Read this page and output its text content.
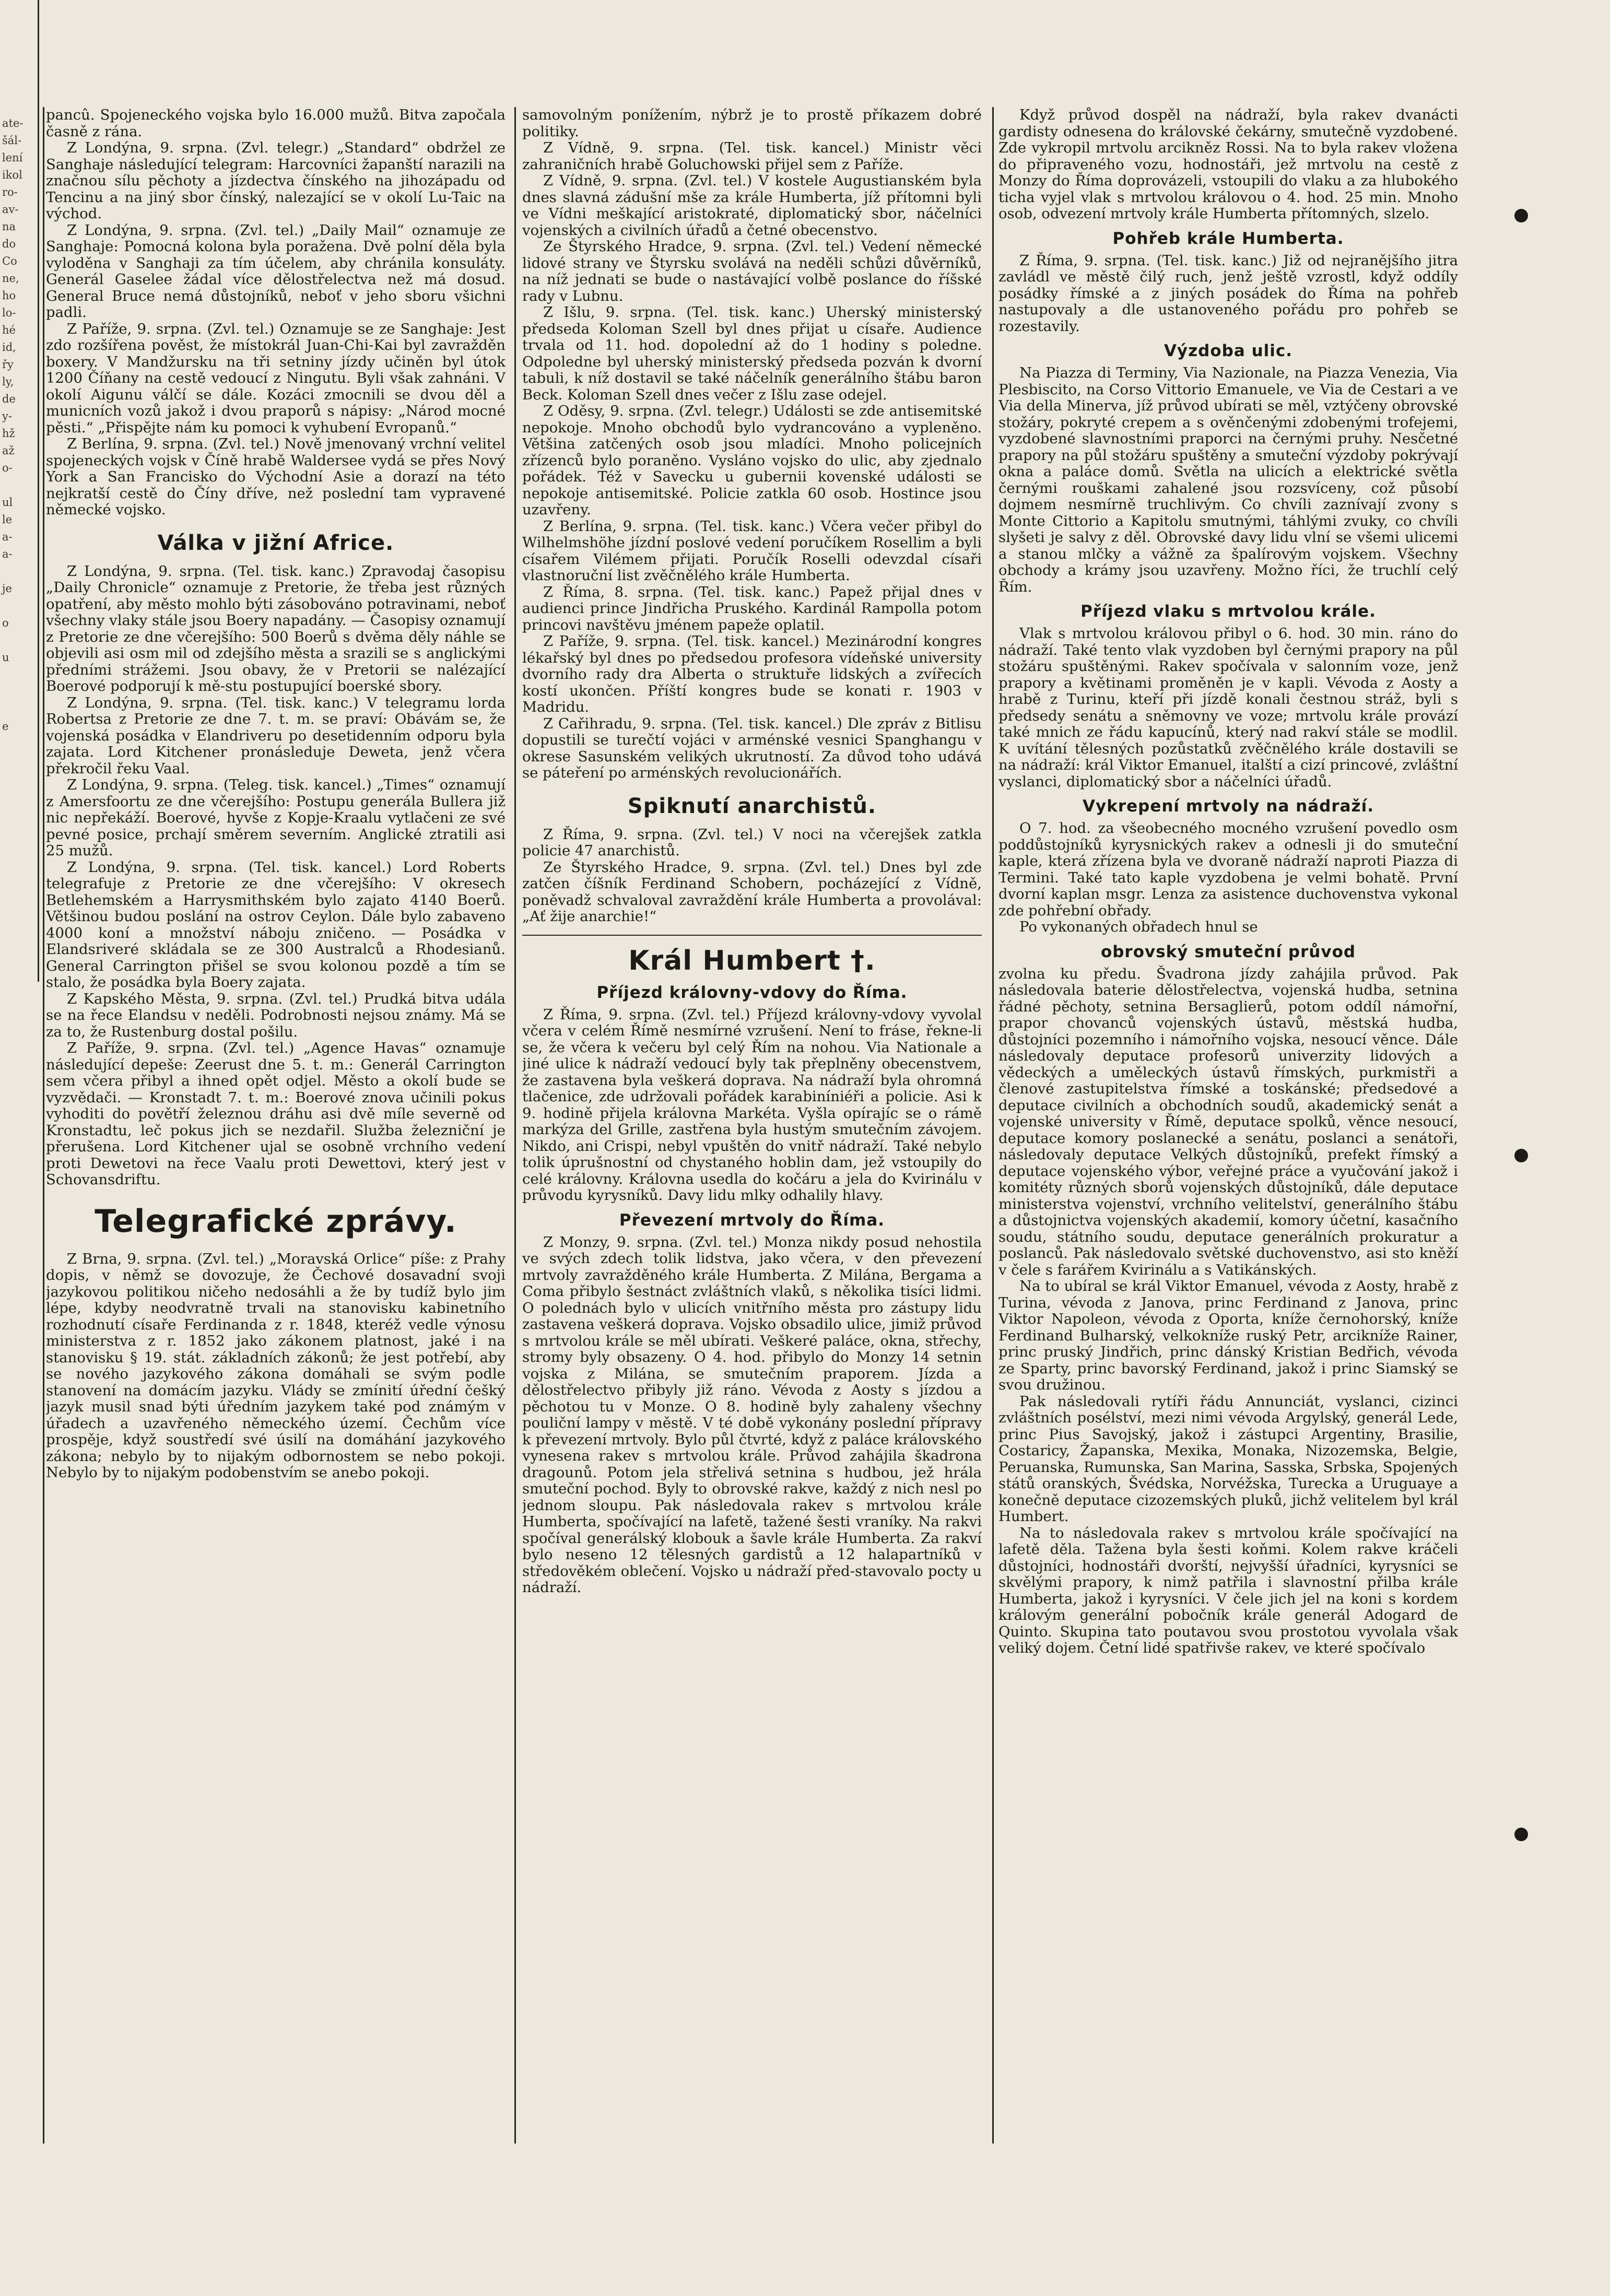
ate-
šál-
lení
ikol
ro-
av-
na
do
Co
ne,
ho
lo-
hé
id,
řy
ly,
de
y-
hž
až
o-

ul
le
a-
a-

je

o

u

e

pancû. Spojeneckého vojska bylo 16.000 mužů. Bitva započala časně z rána.

Z Londýna, 9. srpna. (Zvl. telegr.) „Standard“ obdržel ze Sanghaje následující telegram: Harcovníci žapanští narazili na značnou sílu pěchoty a jízdectva čínského na jihozápadu od Tencinu a na jiný sbor čínský, nalezající se v okolí Lu-Taic na východ.

Z Londýna, 9. srpna. (Zvl. tel.) „Daily Mail“ oznamuje ze Sanghaje: Pomocná kolona byla poražena. Dvě polní děla byla vyloděna v Sanghaji za tím účelem, aby chránila konsuláty. Generál Gaselee žádal více dělostřelectva než má dosud. General Bruce nemá důstojníků, neboť v jeho sboru všichni padli.

Z Paříže, 9. srpna. (Zvl. tel.) Oznamuje se ze Sanghaje: Jest zdo rozšířena pověst, že místokrál Juan-Chi-Kai byl zavražděn boxery. V Mandžursku na tři setniny jízdy učiněn byl útok 1200 Číňany na cestě vedoucí z Ningutu. Byli však zahnáni. V okolí Aigunu válčí se dále. Kozáci zmocnili se dvou děl a municních vozů jakož i dvou praporů s nápisy: „Národ mocné pěsti.“ „Přispějte nám ku pomoci k vyhubení Evropanů.“

Z Berlína, 9. srpna. (Zvl. tel.) Nově jmenovaný vrchní velitel spojeneckých vojsk v Číně hrabě Waldersee vydá se přes Nový York a San Francisko do Východní Asie a dorazí na této nejkratší cestě do Číny dříve, než poslední tam vypravené německé vojsko.

Válka v jižní Africe.

Z Londýna, 9. srpna. (Tel. tisk. kanc.) Zpravodaj časopisu „Daily Chronicle“ oznamuje z Pretorie, že třeba jest různých opatření, aby město mohlo býti zásobováno potravinami, neboť všechny vlaky stále jsou Boery napadány. — Časopisy oznamují z Pretorie ze dne včerejšího: 500 Boerů s dvěma děly náhle se objevili asi osm mil od zdejšího města a srazili se s anglickými předními strážemi. Jsou obavy, že v Pretorii se nalézající Boerové podporují k mě-stu postupující boerské sbory.

Z Londýna, 9. srpna. (Tel. tisk. kanc.) V telegramu lorda Robertsa z Pretorie ze dne 7. t. m. se praví: Obávám se, že vojenská posádka v Elandriveru po desetidenním odporu byla zajata. Lord Kitchener pronásleduje Deweta, jenž včera překročil řeku Vaal.

Z Londýna, 9. srpna. (Teleg. tisk. kancel.) „Times“ oznamují z Amersfoortu ze dne včerejšího: Postupu generála Bullera již nic nepřekáží. Boerové, hyvše z Kopje-Kraalu vytlačeni ze své pevné posice, prchají směrem severním. Anglické ztratili asi 25 mužů.

Z Londýna, 9. srpna. (Tel. tisk. kancel.) Lord Roberts telegrafuje z Pretorie ze dne včerejšího: V okresech Betlehemském a Harrysmithském bylo zajato 4140 Boerů. Většinou budou poslání na ostrov Ceylon. Dále bylo zabaveno 4000 koní a množství náboju zničeno. — Posádka v Elandsriveré skládala se ze 300 Australců a Rhodesianů. General Carrington přišel se svou kolonou pozdě a tím se stalo, že posádka byla Boery zajata.

Z Kapského Města, 9. srpna. (Zvl. tel.) Prudká bitva udála se na řece Elandsu v neděli. Podrobnosti nejsou známy. Má se za to, že Rustenburg dostal pošilu.

Z Paříže, 9. srpna. (Zvl. tel.) „Agence Havas“ oznamuje následující depeše: Zeerust dne 5. t. m.: Generál Carrington sem včera přibyl a ihned opět odjel. Město a okolí bude se vyzvědači. — Kronstadt 7. t. m.: Boerové znova učinili pokus vyhoditi do povětří železnou dráhu asi dvě míle severně od Kronstadtu, leč pokus jich se nezdařil. Služba železniční je přerušena. Lord Kitchener ujal se osobně vrchního vedení proti Dewetovi na řece Vaalu proti Dewettovi, který jest v Schovansdriftu.

Telegrafické zprávy.

Z Brna, 9. srpna. (Zvl. tel.) „Moravská Orlice“ píše: z Prahy dopis, v němž se dovozuje, že Čechové dosavadní svoji jazykovou politikou ničeho nedosáhli a že by tudíž bylo jim lépe, kdyby neodvratně trvali na stanovisku kabinetního rozhodnutí císaře Ferdinanda z r. 1848, kteréž vedle výnosu ministerstva z r. 1852 jako zákonem platnost, jaké i na stanovisku § 19. stát. základních zákonů; že jest potřebí, aby se nového jazykového zákona domáhali se svým podle stanovení na domácím jazyku. Vlády se zmínití úřední češký jazyk musil snad býti úředním jazykem také pod známým v úřadech a uzavřeného německého území. Čechům více prospěje, když soustředí své úsilí na domáhání jazykového zákona; nebylo by to nijakým odbornostem se nebo pokoji. Nebylo by to nijakým podobenstvím se anebo pokoji.

samovolným ponížením, nýbrž je to prostě příkazem dobré politiky.

Z Vídně, 9. srpna. (Tel. tisk. kancel.) Ministr věci zahraničních hrabě Goluchowski přijel sem z Paříže.

Z Vídně, 9. srpna. (Zvl. tel.) V kostele Augustianském byla dnes slavná zádušní mše za krále Humberta, jíž přítomni byli ve Vídni meškající aristokraté, diplomatický sbor, náčelníci vojenských a civilních úřadů a četné obecenstvo.

Ze Štyrského Hradce, 9. srpna. (Zvl. tel.) Vedení německé lidové strany ve Štyrsku svolává na neděli schůzi důvěrníků, na níž jednati se bude o nastávající volbě poslance do říšské rady v Lubnu.

Z Išlu, 9. srpna. (Tel. tisk. kanc.) Uherský ministerský předseda Koloman Szell byl dnes přijat u císaře. Audience trvala od 11. hod. dopolední až do 1 hodiny s poledne. Odpoledne byl uherský ministerský předseda pozván k dvorní tabuli, k níž dostavil se také náčelník generálního štábu baron Beck. Koloman Szell dnes večer z Išlu zase odejel.

Z Oděsy, 9. srpna. (Zvl. telegr.) Události se zde antisemitské nepokoje. Mnoho obchodů bylo vydrancováno a vypleněno. Většina zatčených osob jsou mladíci. Mnoho policejních zřízenců bylo poraněno. Vysláno vojsko do ulic, aby zjednalo pořádek. Též v Savecku u gubernii kovenské události se nepokoje antisemitské. Policie zatkla 60 osob. Hostince jsou uzavřeny.

Z Berlína, 9. srpna. (Tel. tisk. kanc.) Včera večer přibyl do Wilhelmshöhe jízdní poslové vedení poručíkem Rosellim a byli císařem Vilémem přijati. Poručík Roselli odevzdal císaři vlastnoruční list zvěčnělého krále Humberta.

Z Říma, 8. srpna. (Tel. tisk. kanc.) Papež přijal dnes v audienci prince Jindřicha Pruského. Kardinál Rampolla potom princovi navštěvu jménem papeže oplatil.

Z Paříže, 9. srpna. (Tel. tisk. kancel.) Mezinárodní kongres lékařský byl dnes po předsedou profesora vídeňské university dvorního rady dra Alberta o struktuře lidských a zvířecích kostí ukončen. Příští kongres bude se konati r. 1903 v Madridu.

Z Cařihradu, 9. srpna. (Tel. tisk. kancel.) Dle zpráv z Bitlisu dopustili se turečtí vojáci v arménské vesnici Spanghangu v okrese Sasunském velikých ukrutností. Za důvod toho udává se páteření po arménských revolucionářích.

Spiknutí anarchistů.

Z Říma, 9. srpna. (Zvl. tel.) V noci na včerejšek zatkla policie 47 anarchistů.

Ze Štyrského Hradce, 9. srpna. (Zvl. tel.) Dnes byl zde zatčen číšník Ferdinand Schobern, pocházející z Vídně, poněvadž schvaloval zavraždění krále Humberta a provolával: „Ať žije anarchie!“

Král Humbert †.
Příjezd královny-vdovy do Říma.

Z Říma, 9. srpna. (Zvl. tel.) Příjezd královny-vdovy vyvolal včera v celém Římě nesmírné vzrušení. Není to fráse, řekne-li se, že včera k večeru byl celý Řím na nohou. Via Nationale a jiné ulice k nádraží vedoucí byly tak přeplněny obecenstvem, že zastavena byla veškerá doprava. Na nádraží byla ohromná tlačenice, zde udržovali pořádek karabiníniéři a policie. Asi k 9. hodině přijela královna Markéta. Vyšla opírajíc se o rámě markýza del Grille, zastřena byla hustým smutečním závojem. Nikdo, ani Crispi, nebyl vpuštěn do vnitř nádraží. Také nebylo tolik úprušnostní od chystaného hoblin dam, jež vstoupily do celé královny. Královna usedla do kočáru a jela do Kvirinálu v průvodu kyrysníků. Davy lidu mlky odhalily hlavy.

Převezení mrtvoly do Říma.

Z Monzy, 9. srpna. (Zvl. tel.) Monza nikdy posud nehostila ve svých zdech tolik lidstva, jako včera, v den převezení mrtvoly zavražděného krále Humberta. Z Milána, Bergama a Coma přibylo šestnáct zvláštních vlaků, s několika tisíci lidmi. O polednách bylo v ulicích vnitřního města pro zástupy lidu zastavena veškerá doprava. Vojsko obsadilo ulice, jimiž průvod s mrtvolou krále se měl ubírati. Veškeré paláce, okna, střechy, stromy byly obsazeny. O 4. hod. přibylo do Monzy 14 setnin vojska z Milána, se smutečním praporem. Jízda a dělostřelectvo přibyly již ráno. Vévoda z Aosty s jízdou a pěchotou tu v Monze. O 8. hodině byly zahaleny všechny pouliční lampy v městě. V té době vykonány poslední přípravy k převezení mrtvoly. Bylo půl čtvrté, když z paláce královského vynesena rakev s mrtvolou krále. Průvod zahájila škadrona dragounů. Potom jela střelivá setnina s hudbou, jež hrála smuteční pochod. Byly to obrovské rakve, každý z nich nesl po jednom sloupu. Pak následovala rakev s mrtvolou krále Humberta, spočívající na lafetě, tažené šesti vraníky. Na rakvi spočíval generálský klobouk a šavle krále Humberta. Za rakví bylo neseno 12 tělesných gardistů a 12 halapartníků v středověkém oblečení. Vojsko u nádraží před-stavovalo pocty u nádraží.

Když průvod dospěl na nádraží, byla rakev dvanácti gardisty odnesena do královské čekárny, smutečně vyzdobené. Zde vykropil mrtvolu arcikněz Rossi. Na to byla rakev vložena do připraveného vozu, hodnostáři, jež mrtvolu na cestě z Monzy do Říma doprovázeli, vstoupili do vlaku a za hlubokého ticha vyjel vlak s mrtvolou královou o 4. hod. 25 min. Mnoho osob, odvezení mrtvoly krále Humberta přítomných, slzelo.

Pohřeb krále Humberta.

Z Říma, 9. srpna. (Tel. tisk. kanc.) Již od nejranějšího jitra zavládl ve městě čilý ruch, jenž ještě vzrostl, když oddíly posádky římské a z jiných posádek do Říma na pohřeb nastupovaly a dle ustanoveného pořádu pro pohřeb se rozestavily.

Výzdoba ulic.

Na Piazza di Terminy, Via Nazionale, na Piazza Venezia, Via Plesbiscito, na Corso Vittorio Emanuele, ve Via de Cestari a ve Via della Minerva, jíž průvod ubírati se měl, vztýčeny obrovské stožáry, pokryté crepem a s ověnčenými zdobenými trofejemi, vyzdobené slavnostními praporci na černými pruhy. Nesčetné prapory na půl stožáru spuštěny a smuteční výzdoby pokrývají okna a paláce domů. Světla na ulicích a elektrické světla černými rouškami zahalené jsou rozsvíceny, což působí dojmem nesmírně truchlivým. Co chvíli zaznívají zvony s Monte Cittorio a Kapitolu smutnými, táhlými zvuky, co chvíli slyšeti je salvy z děl. Obrovské davy lidu vlní se všemi ulicemi a stanou mlčky a vážně za špalírovým vojskem. Všechny obchody a krámy jsou uzavřeny. Možno říci, že truchlí celý Řím.

Příjezd vlaku s mrtvolou krále.

Vlak s mrtvolou královou přibyl o 6. hod. 30 min. ráno do nádraží. Také tento vlak vyzdoben byl černými prapory na půl stožáru spuštěnými. Rakev spočívala v salonním voze, jenž prapory a květinami proměněn je v kapli. Vévoda z Aosty a hrabě z Turinu, kteří při jízdě konali čestnou stráž, byli s předsedy senátu a sněmovny ve voze; mrtvolu krále provází také mnich ze řádu kapucínů, který nad rakví stále se modlil. K uvítání tělesných pozůstatků zvěčnělého krále dostavili se na nádraží: král Viktor Emanuel, italští a cizí princové, zvláštní vyslanci, diplomatický sbor a náčelníci úřadů.

Vykrepení mrtvoly na nádraží.

O 7. hod. za všeobecného mocného vzrušení povedlo osm poddůstojníků kyrysnických rakev a odnesli ji do smuteční kaple, která zřízena byla ve dvoraně nádraží naproti Piazza di Termini. Také tato kaple vyzdobena je velmi bohatě. První dvorní kaplan msgr. Lenza za asistence duchovenstva vykonal zde pohřební obřady.

Po vykonaných obřadech hnul se

obrovský smuteční průvod

zvolna ku předu. Švadrona jízdy zahájila průvod. Pak následovala baterie dělostřelectva, vojenská hudba, setnina řádné pěchoty, setnina Bersaglierů, potom oddíl námořní, prapor chovanců vojenských ústavů, městská hudba, důstojníci pozemního i námořního vojska, nesoucí věnce. Dále následovaly deputace profesorů univerzity lidových a vědeckých a uměleckých ústavů římských, purkmistři a členové zastupitelstva římské a toskánské; předsedové a deputace civilních a obchodních soudů, akademický senát a vojenské university v Římě, deputace spolků, věnce nesoucí, deputace komory poslanecké a senátu, poslanci a senátoři, následovaly deputace Velkých důstojníků, prefekt římský a deputace vojenského výbor, veřejné práce a vyučování jakož i komitéty různých sborů vojenských důstojníků, dále deputace ministerstva vojenství, vrchního velitelství, generálního štábu a důstojnictva vojenských akademií, komory účetní, kasačního soudu, státního soudu, deputace generálních prokuratur a poslanců. Pak následovalo světské duchovenstvo, asi sto kněží v čele s farářem Kvirinálu a s Vatikánských.

Na to ubíral se král Viktor Emanuel, vévoda z Aosty, hrabě z Turina, vévoda z Janova, princ Ferdinand z Janova, princ Viktor Napoleon, vévoda z Oporta, kníže černohorský, kníže Ferdinand Bulharský, velkokníže ruský Petr, arcikníže Rainer, princ pruský Jindřich, princ dánský Kristian Bedřich, vévoda ze Sparty, princ bavorský Ferdinand, jakož i princ Siamský se svou družinou.

Pak následovali rytíři řádu Annunciát, vyslanci, cizinci zvláštních posélství, mezi nimi vévoda Argylský, generál Lede, princ Pius Savojský, jakož i zástupci Argentiny, Brasilie, Costaricy, Žapanska, Mexika, Monaka, Nizozemska, Belgie, Peruanska, Rumunska, San Marina, Sasska, Srbska, Spojených států oranských, Švédska, Norvéžska, Turecka a Uruguaye a konečně deputace cizozemských pluků, jichž velitelem byl král Humbert.

Na to následovala rakev s mrtvolou krále spočívající na lafetě děla. Tažena byla šesti koňmi. Kolem rakve kráčeli důstojníci, hodnostáři dvorští, nejvyšší úřadníci, kyrysníci se skvělými prapory, k nimž patřila i slavnostní přilba krále Humberta, jakož i kyrysníci. V čele jich jel na koni s kordem královým generální pobočník krále generál Adogard de Quinto. Skupina tato poutavou svou prostotou vyvolala však veliký dojem. Četní lidé spatřivše rakev, ve které spočívalo
